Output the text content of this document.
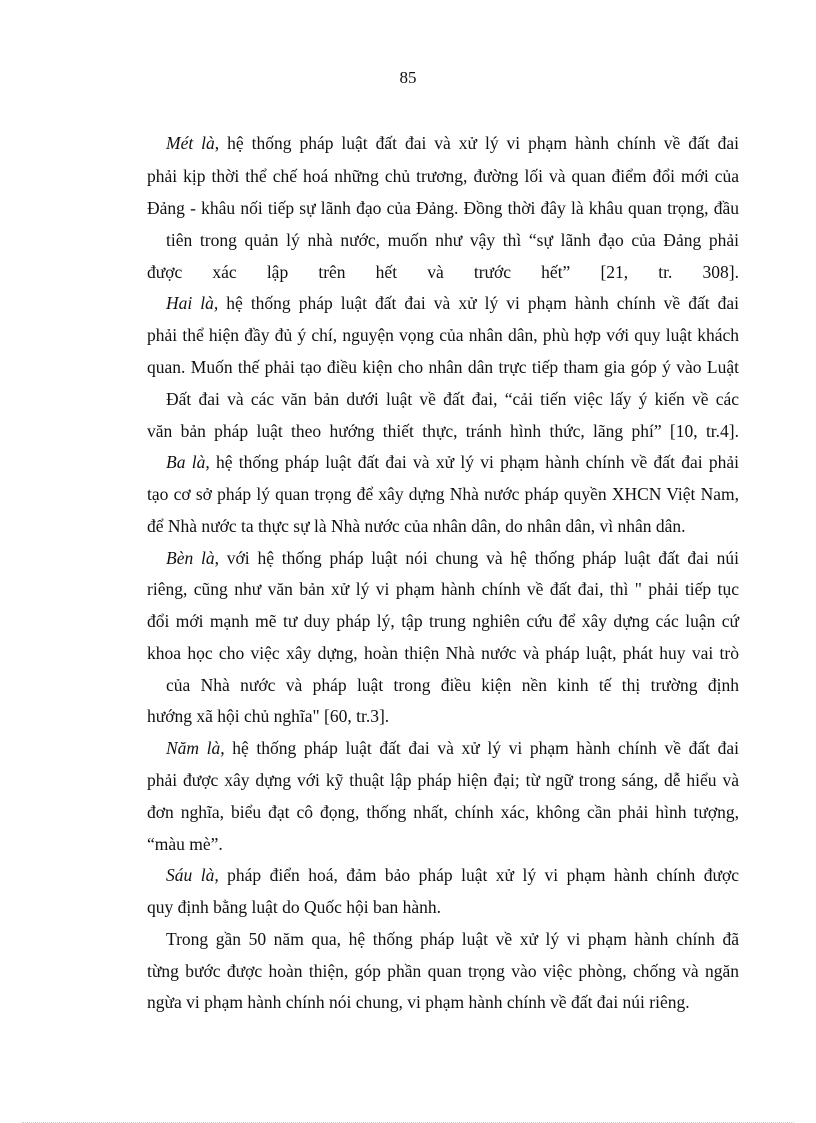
85
Mét là, hệ thống pháp luật đất đai và xử lý vi phạm hành chính về đất đai
phải kịp thời thể chế hoá những chủ trương, đường lối và quan điểm đổi mới của
Đảng - khâu nối tiếp sự lãnh đạo của Đảng. Đồng thời đây là khâu quan trọng, đầu
tiên trong quản lý nhà nước, muốn như vậy thì “sự lãnh đạo của Đảng phải
được xác lập trên hết và trước hết” [21, tr. 308].
Hai là, hệ thống pháp luật đất đai và xử lý vi phạm hành chính về đất đai
phải thể hiện đầy đủ ý chí, nguyện vọng của nhân dân, phù hợp với quy luật khách
quan. Muốn thế phải tạo điều kiện cho nhân dân trực tiếp tham gia góp ý vào Luật
Đất đai và các văn bản dưới luật về đất đai, “cải tiến việc lấy ý kiến về các
văn bản pháp luật theo hướng thiết thực, tránh hình thức, lãng phí” [10, tr.4].
Ba là, hệ thống pháp luật đất đai và xử lý vi phạm hành chính về đất đai phải
tạo cơ sở pháp lý quan trọng để xây dựng Nhà nước pháp quyền XHCN Việt Nam,
để Nhà nước ta thực sự là Nhà nước của nhân dân, do nhân dân, vì nhân dân.
Bèn là, với hệ thống pháp luật nói chung và hệ thống pháp luật đất đai núi
riêng, cũng như văn bản xử lý vi phạm hành chính về đất đai, thì " phải tiếp tục
đổi mới mạnh mẽ tư duy pháp lý, tập trung nghiên cứu để xây dựng các luận cứ
khoa học cho việc xây dựng, hoàn thiện Nhà nước và pháp luật, phát huy vai trò
của Nhà nước và pháp luật trong điều kiện nền kinh tế thị trường định
hướng xã hội chủ nghĩa" [60, tr.3].
Năm là, hệ thống pháp luật đất đai và xử lý vi phạm hành chính về đất đai
phải được xây dựng với kỹ thuật lập pháp hiện đại; từ ngữ trong sáng, dễ hiểu và
đơn nghĩa, biểu đạt cô đọng, thống nhất, chính xác, không cần phải hình tượng,
“màu mè”.
Sáu là, pháp điển hoá, đảm bảo pháp luật xử lý vi phạm hành chính được
quy định bằng luật do Quốc hội ban hành.
Trong gần 50 năm qua, hệ thống pháp luật về xử lý vi phạm hành chính đã
từng bước được hoàn thiện, góp phần quan trọng vào việc phòng, chống và ngăn
ngừa vi phạm hành chính nói chung, vi phạm hành chính về đất đai núi riêng.
